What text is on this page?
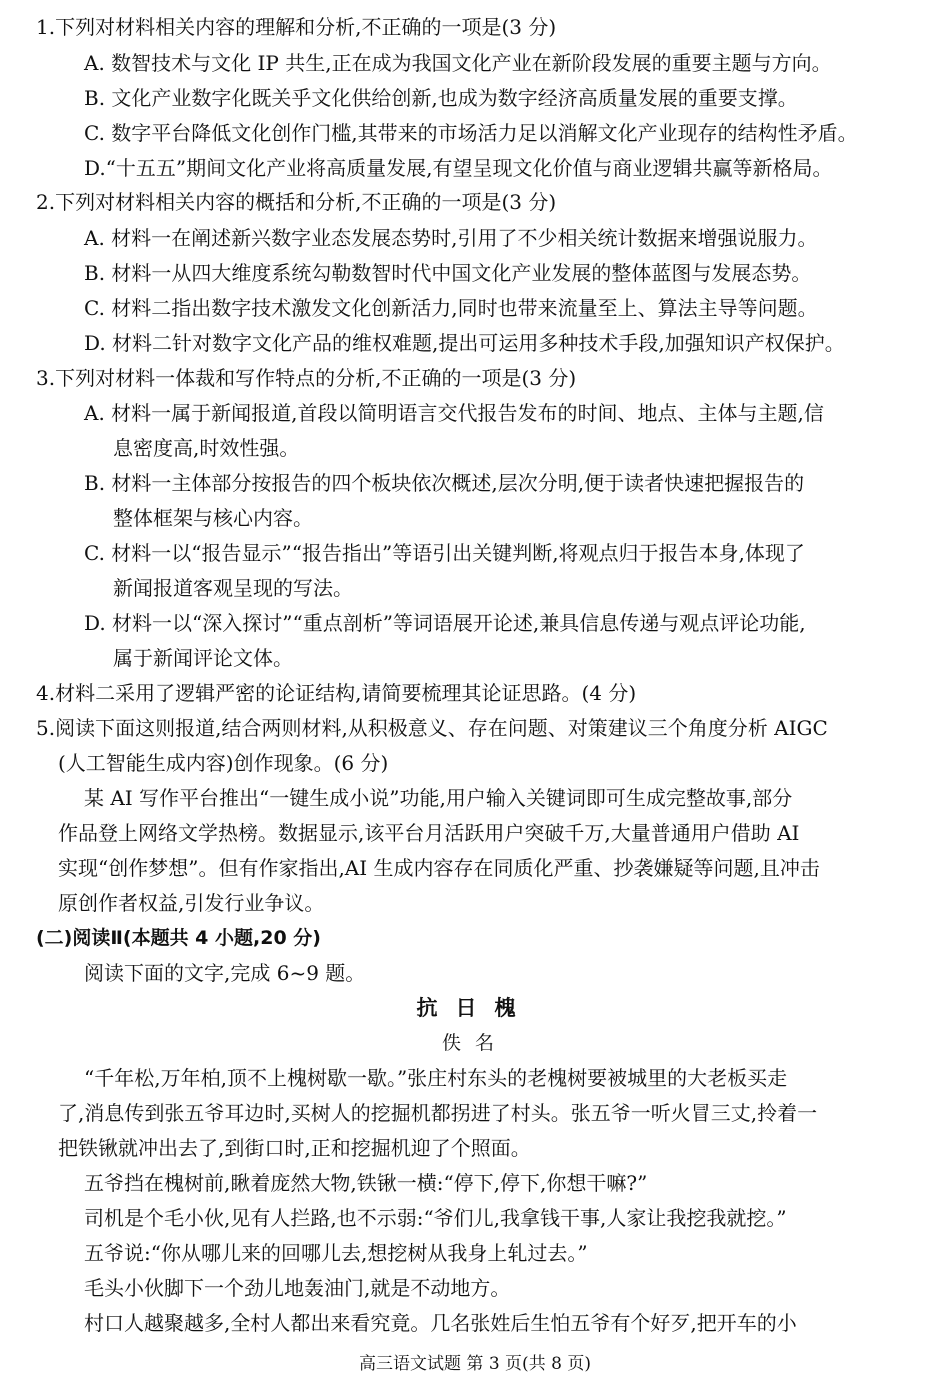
1.下列对材料相关内容的理解和分析,不正确的一项是(3 分)
A. 数智技术与文化 IP 共生,正在成为我国文化产业在新阶段发展的重要主题与方向。
B. 文化产业数字化既关乎文化供给创新,也成为数字经济高质量发展的重要支撑。
C. 数字平台降低文化创作门槛,其带来的市场活力足以消解文化产业现存的结构性矛盾。
D.“十五五”期间文化产业将高质量发展,有望呈现文化价值与商业逻辑共赢等新格局。
2.下列对材料相关内容的概括和分析,不正确的一项是(3 分)
A. 材料一在阐述新兴数字业态发展态势时,引用了不少相关统计数据来增强说服力。
B. 材料一从四大维度系统勾勒数智时代中国文化产业发展的整体蓝图与发展态势。
C. 材料二指出数字技术激发文化创新活力,同时也带来流量至上、算法主导等问题。
D. 材料二针对数字文化产品的维权难题,提出可运用多种技术手段,加强知识产权保护。
3.下列对材料一体裁和写作特点的分析,不正确的一项是(3 分)
A. 材料一属于新闻报道,首段以简明语言交代报告发布的时间、地点、主体与主题,信
息密度高,时效性强。
B. 材料一主体部分按报告的四个板块依次概述,层次分明,便于读者快速把握报告的
整体框架与核心内容。
C. 材料一以“报告显示”“报告指出”等语引出关键判断,将观点归于报告本身,体现了
新闻报道客观呈现的写法。
D. 材料一以“深入探讨”“重点剖析”等词语展开论述,兼具信息传递与观点评论功能,
属于新闻评论文体。
4.材料二采用了逻辑严密的论证结构,请简要梳理其论证思路。(4 分)
5.阅读下面这则报道,结合两则材料,从积极意义、存在问题、对策建议三个角度分析 AIGC
(人工智能生成内容)创作现象。(6 分)
某 AI 写作平台推出“一键生成小说”功能,用户输入关键词即可生成完整故事,部分
作品登上网络文学热榜。数据显示,该平台月活跃用户突破千万,大量普通用户借助 AI
实现“创作梦想”。但有作家指出,AI 生成内容存在同质化严重、抄袭嫌疑等问题,且冲击
原创作者权益,引发行业争议。
(二)阅读Ⅱ(本题共 4 小题,20 分)
阅读下面的文字,完成 6~9 题。
抗日槐
佚名
“千年松,万年柏,顶不上槐树歇一歇。”张庄村东头的老槐树要被城里的大老板买走
了,消息传到张五爷耳边时,买树人的挖掘机都拐进了村头。张五爷一听火冒三丈,拎着一
把铁锹就冲出去了,到街口时,正和挖掘机迎了个照面。
五爷挡在槐树前,瞅着庞然大物,铁锹一横:“停下,停下,你想干嘛?”
司机是个毛小伙,见有人拦路,也不示弱:“爷们儿,我拿钱干事,人家让我挖我就挖。”
五爷说:“你从哪儿来的回哪儿去,想挖树从我身上轧过去。”
毛头小伙脚下一个劲儿地轰油门,就是不动地方。
村口人越聚越多,全村人都出来看究竟。几名张姓后生怕五爷有个好歹,把开车的小
高三语文试题 第 3 页(共 8 页)
